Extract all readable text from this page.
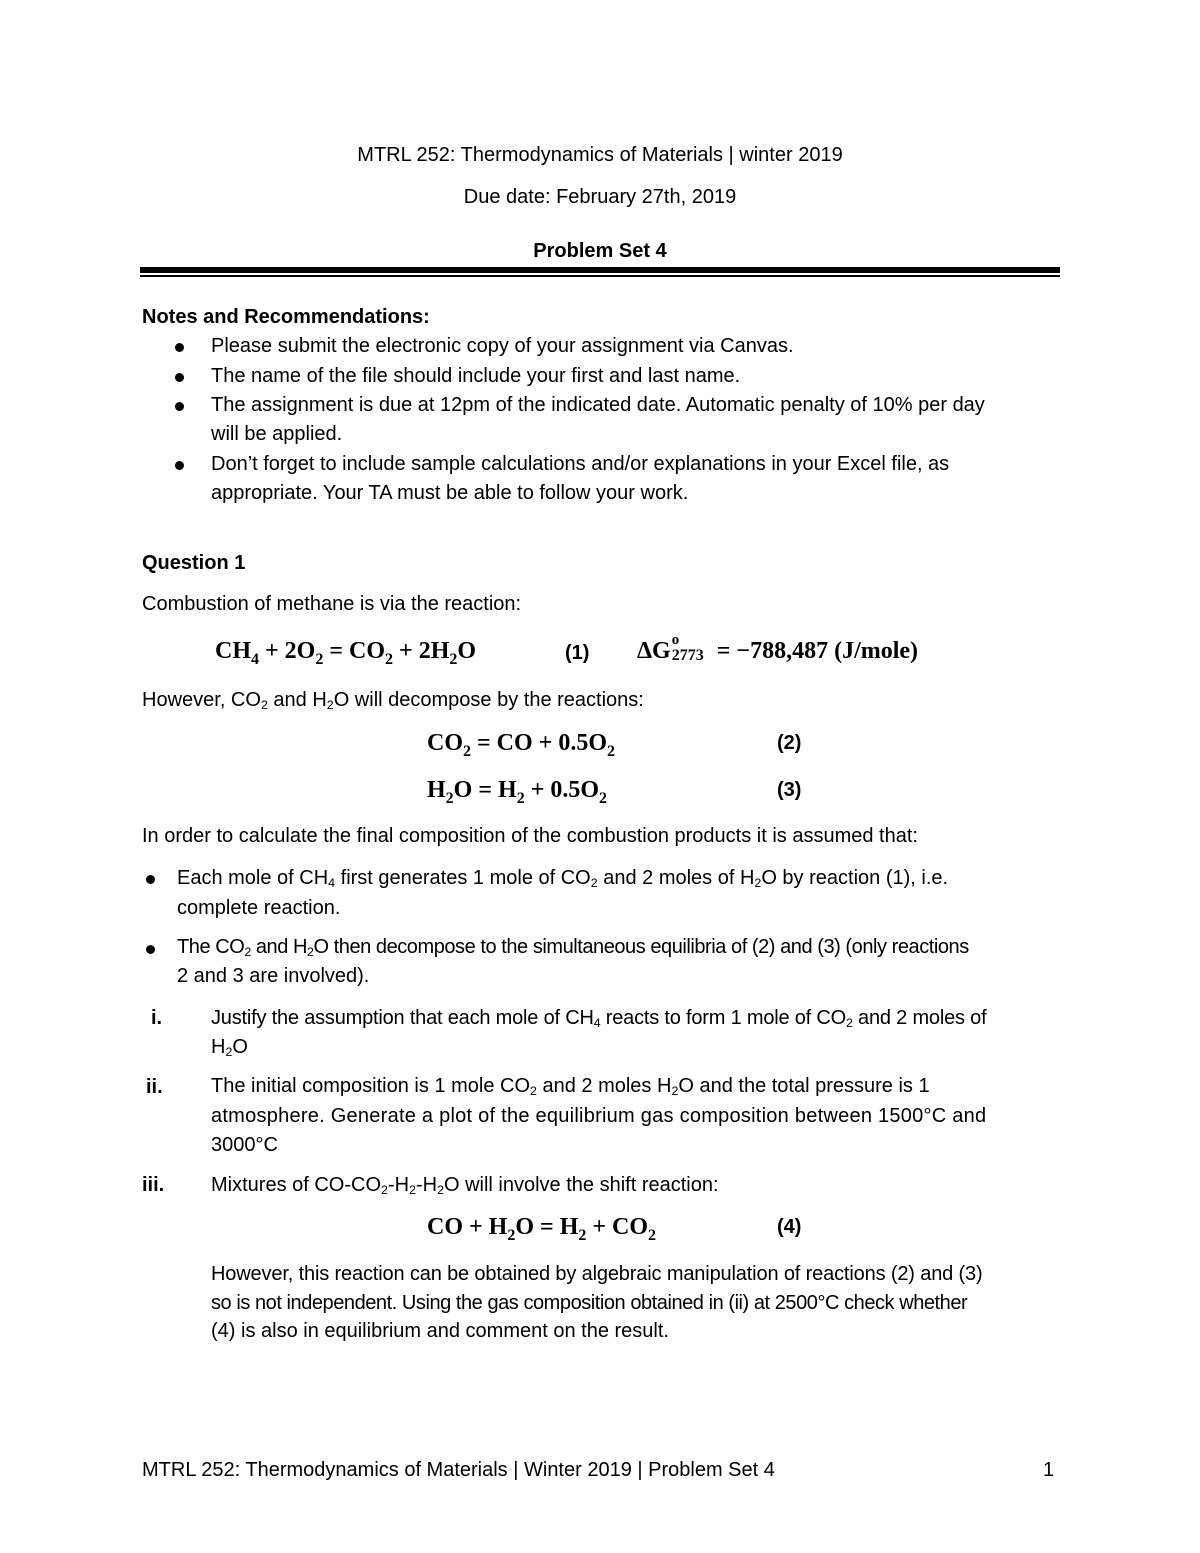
MTRL 252: Thermodynamics of Materials | winter 2019
Due date: February 27th, 2019
Problem Set 4
Notes and Recommendations:
Please submit the electronic copy of your assignment via Canvas.
The name of the file should include your first and last name.
The assignment is due at 12pm of the indicated date. Automatic penalty of 10% per day
will be applied.
Don’t forget to include sample calculations and/or explanations in your Excel file, as
appropriate. Your TA must be able to follow your work.
Question 1
Combustion of methane is via the reaction:
$CH_4 + 2O_2 = CO_2 + 2H_2O$	(1) ΔG o
2773 = −788,487 (J/mole)
However, $CO_2$ and $H_2O$ will decompose by the reactions:
$CO_2$ = CO + $0.5O_2$	(2)
$H_2O = H_2 + 0.5O_2$	(3)
In order to calculate the final composition of the combustion products it is assumed that:
Each mole of $CH_4$ first generates 1 mole of $CO_2$ and 2 moles of $H_2O$ by reaction (1), i.e.
complete reaction.
The $CO_2$ and $H_2O$ then decompose to the simultaneous equilibria of (2) and (3) (only reactions
2 and 3 are involved).
i. Justify the assumption that each mole of $CH_4$ reacts to form 1 mole of $CO_2$ and 2 moles of
$H_2O$
ii. The initial composition is 1 mole $CO_2$ and 2 moles $H_2O$ and the total pressure is 1
atmosphere. Generate a plot of the equilibrium gas composition between 1500°C and
3000°C
iii. Mixtures of $CO-CO_2-H_2-H_2O$ will involve the shift reaction:
CO + $H_2O = H_2 + CO_2$	(4)
However, this reaction can be obtained by algebraic manipulation of reactions (2) and (3)
so is not independent. Using the gas composition obtained in (ii) at 2500°C check whether
(4) is also in equilibrium and comment on the result.
MTRL 252: Thermodynamics of Materials | Winter 2019 | Problem Set 4	1
